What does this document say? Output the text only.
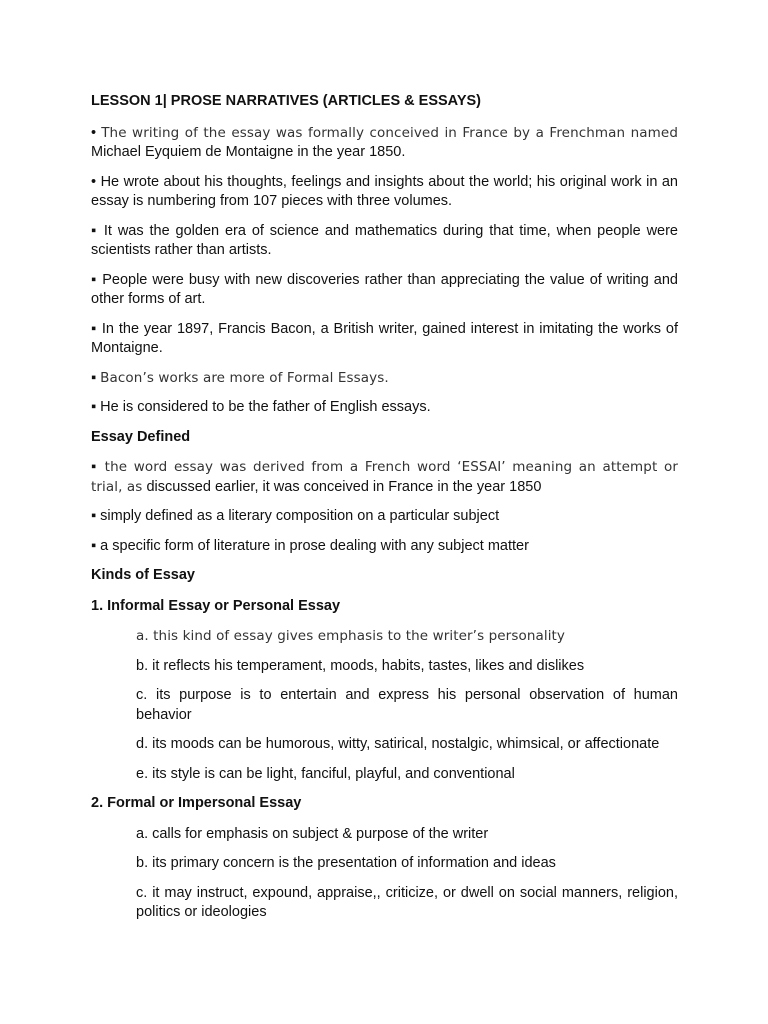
LESSON 1| PROSE NARRATIVES (ARTICLES & ESSAYS)

• The writing of the essay was formally conceived in France by a Frenchman named Michael Eyquiem de Montaigne in the year 1850.

• He wrote about his thoughts, feelings and insights about the world; his original work in an essay is numbering from 107 pieces with three volumes.

▪ It was the golden era of science and mathematics during that time, when people were scientists rather than artists.

▪ People were busy with new discoveries rather than appreciating the value of writing and other forms of art.

▪ In the year 1897, Francis Bacon, a British writer, gained interest in imitating the works of Montaigne.

▪ Bacon’s works are more of Formal Essays.

▪ He is considered to be the father of English essays.

Essay Defined

▪ the word essay was derived from a French word ‘ESSAI’ meaning an attempt or trial, as discussed earlier, it was conceived in France in the year 1850

▪ simply defined as a literary composition on a particular subject

▪ a specific form of literature in prose dealing with any subject matter

Kinds of Essay
1. Informal Essay or Personal Essay

a. this kind of essay gives emphasis to the writer’s personality

b. it reflects his temperament, moods, habits, tastes, likes and dislikes

c. its purpose is to entertain and express his personal observation of human behavior

d. its moods can be humorous, witty, satirical, nostalgic, whimsical, or affectionate

e. its style is can be light, fanciful, playful, and conventional

2. Formal or Impersonal Essay

a. calls for emphasis on subject & purpose of the writer

b. its primary concern is the presentation of information and ideas

c. it may instruct, expound, appraise,, criticize, or dwell on social manners, religion, politics or ideologies
